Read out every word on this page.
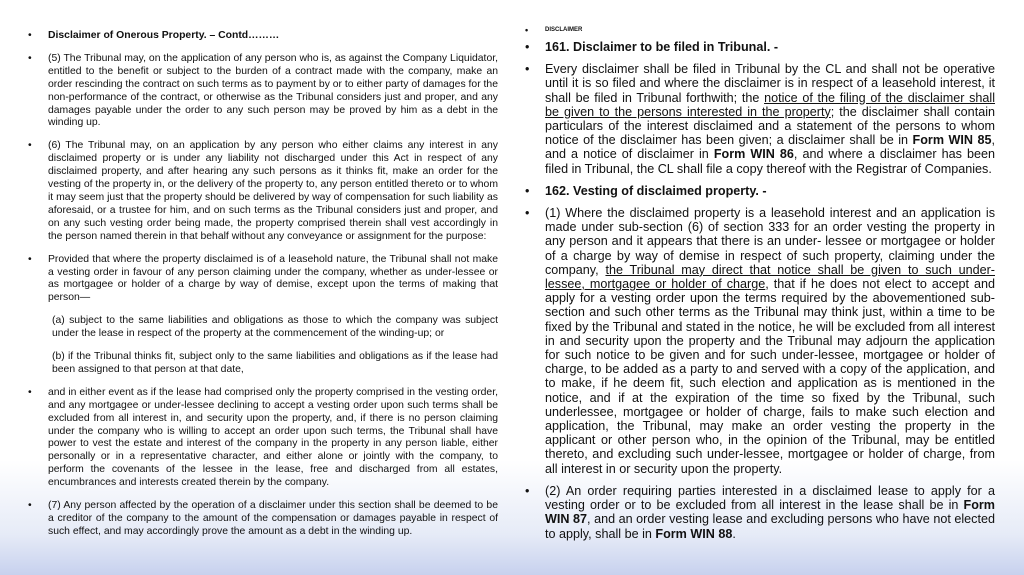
• Disclaimer of Onerous Property. – Contd………
• (5) The Tribunal may, on the application of any person who is, as against the Company Liquidator, entitled to the benefit or subject to the burden of a contract made with the company, make an order rescinding the contract on such terms as to payment by or to either party of damages for the non-performance of the contract, or otherwise as the Tribunal considers just and proper, and any damages payable under the order to any such person may be proved by him as a debt in the winding up.
• (6) The Tribunal may, on an application by any person who either claims any interest in any disclaimed property or is under any liability not discharged under this Act in respect of any disclaimed property, and after hearing any such persons as it thinks fit, make an order for the vesting of the property in, or the delivery of the property to, any person entitled thereto or to whom it may seem just that the property should be delivered by way of compensation for such liability as aforesaid, or a trustee for him, and on such terms as the Tribunal considers just and proper, and on any such vesting order being made, the property comprised therein shall vest accordingly in the person named therein in that behalf without any conveyance or assignment for the purpose:
• Provided that where the property disclaimed is of a leasehold nature, the Tribunal shall not make a vesting order in favour of any person claiming under the company, whether as under-lessee or as mortgagee or holder of a charge by way of demise, except upon the terms of making that person—

(a) subject to the same liabilities and obligations as those to which the company was subject under the lease in respect of the property at the commencement of the winding-up; or

(b) if the Tribunal thinks fit, subject only to the same liabilities and obligations as if the lease had been assigned to that person at that date,

• and in either event as if the lease had comprised only the property comprised in the vesting order, and any mortgagee or under-lessee declining to accept a vesting order upon such terms shall be excluded from all interest in, and security upon the property, and, if there is no person claiming under the company who is willing to accept an order upon such terms, the Tribunal shall have power to vest the estate and interest of the company in the property in any person liable, either personally or in a representative character, and either alone or jointly with the company, to perform the covenants of the lessee in the lease, free and discharged from all estates, encumbrances and interests created therein by the company.
• (7) Any person affected by the operation of a disclaimer under this section shall be deemed to be a creditor of the company to the amount of the compensation or damages payable in respect of such effect, and may accordingly prove the amount as a debt in the winding up.
• DISCLAIMER
• 161. Disclaimer to be filed in Tribunal. -
• Every disclaimer shall be filed in Tribunal by the CL and shall not be operative until it is so filed and where the disclaimer is in respect of a leasehold interest, it shall be filed in Tribunal forthwith; the notice of the filing of the disclaimer shall be given to the persons interested in the property; the disclaimer shall contain particulars of the interest disclaimed and a statement of the persons to whom notice of the disclaimer has been given; a disclaimer shall be in Form WIN 85, and a notice of disclaimer in Form WIN 86, and where a disclaimer has been filed in Tribunal, the CL shall file a copy thereof with the Registrar of Companies.
• 162. Vesting of disclaimed property. -
• (1) Where the disclaimed property is a leasehold interest and an application is made under sub-section (6) of section 333 for an order vesting the property in any person and it appears that there is an under- lessee or mortgagee or holder of a charge by way of demise in respect of such property, claiming under the company, the Tribunal may direct that notice shall be given to such under-lessee, mortgagee or holder of charge, that if he does not elect to accept and apply for a vesting order upon the terms required by the abovementioned sub-section and such other terms as the Tribunal may think just, within a time to be fixed by the Tribunal and stated in the notice, he will be excluded from all interest in and security upon the property and the Tribunal may adjourn the application for such notice to be given and for such under-lessee, mortgagee or holder of charge, to be added as a party to and served with a copy of the application, and to make, if he deem fit, such election and application as is mentioned in the notice, and if at the expiration of the time so fixed by the Tribunal, such underlessee, mortgagee or holder of charge, fails to make such election and application, the Tribunal, may make an order vesting the property in the applicant or other person who, in the opinion of the Tribunal, may be entitled thereto, and excluding such under-lessee, mortgagee or holder of charge, from all interest in or security upon the property.
• (2) An order requiring parties interested in a disclaimed lease to apply for a vesting order or to be excluded from all interest in the lease shall be in Form WIN 87, and an order vesting lease and excluding persons who have not elected to apply, shall be in Form WIN 88.
